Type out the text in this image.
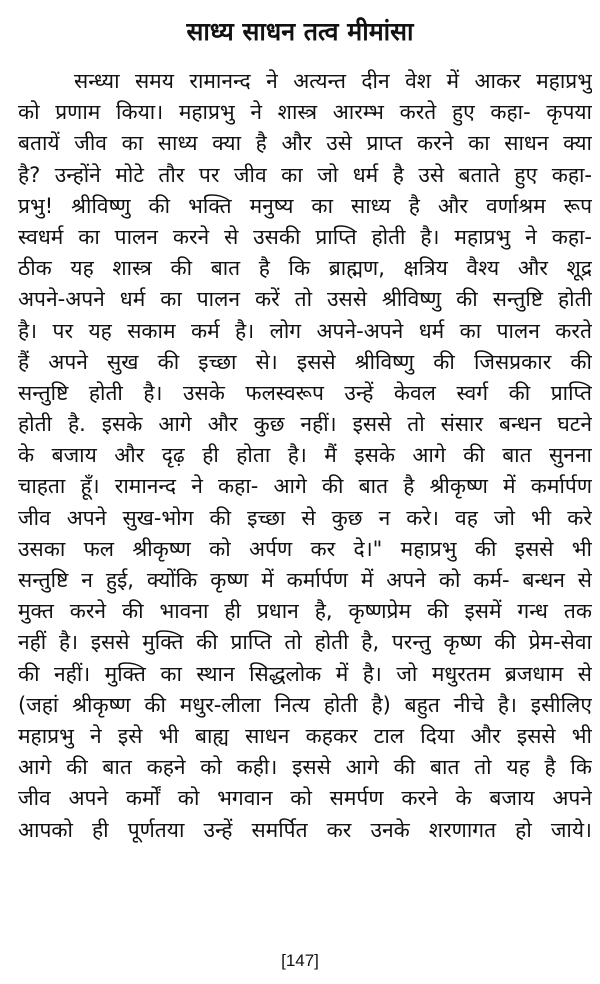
साध्य साधन तत्व मीमांसा
सन्ध्या समय रामानन्द ने अत्यन्त दीन वेश में आकर महाप्रभु
को प्रणाम किया। महाप्रभु ने शास्त्र आरम्भ करते हुए कहा- कृपया
बतायें जीव का साध्य क्या है और उसे प्राप्त करने का साधन क्या
है? उन्होंने मोटे तौर पर जीव का जो धर्म है उसे बताते हुए कहा-
प्रभु! श्रीविष्णु की भक्ति मनुष्य का साध्य है और वर्णाश्रम रूप
स्वधर्म का पालन करने से उसकी प्राप्ति होती है। महाप्रभु ने कहा-
ठीक यह शास्त्र की बात है कि ब्राह्मण, क्षत्रिय वैश्य और शूद्र
अपने-अपने धर्म का पालन करें तो उससे श्रीविष्णु की सन्तुष्टि होती
है। पर यह सकाम कर्म है। लोग अपने-अपने धर्म का पालन करते
हैं अपने सुख की इच्छा से। इससे श्रीविष्णु की जिसप्रकार की
सन्तुष्टि होती है। उसके फलस्वरूप उन्हें केवल स्वर्ग की प्राप्ति
होती है. इसके आगे और कुछ नहीं। इससे तो संसार बन्धन घटने
के बजाय और दृढ़ ही होता है। मैं इसके आगे की बात सुनना
चाहता हूँ। रामानन्द ने कहा- आगे की बात है श्रीकृष्ण में कर्मार्पण
जीव अपने सुख-भोग की इच्छा से कुछ न करे। वह जो भी करे
उसका फल श्रीकृष्ण को अर्पण कर दे।" महाप्रभु की इससे भी
सन्तुष्टि न हुई, क्योंकि कृष्ण में कर्मार्पण में अपने को कर्म- बन्धन से
मुक्त करने की भावना ही प्रधान है, कृष्णप्रेम की इसमें गन्ध तक
नहीं है। इससे मुक्ति की प्राप्ति तो होती है, परन्तु कृष्ण की प्रेम-सेवा
की नहीं। मुक्ति का स्थान सिद्धलोक में है। जो मधुरतम ब्रजधाम से
(जहां श्रीकृष्ण की मधुर-लीला नित्य होती है) बहुत नीचे है। इसीलिए
महाप्रभु ने इसे भी बाह्य साधन कहकर टाल दिया और इससे भी
आगे की बात कहने को कही। इससे आगे की बात तो यह है कि
जीव अपने कर्मों को भगवान को समर्पण करने के बजाय अपने
आपको ही पूर्णतया उन्हें समर्पित कर उनके शरणागत हो जाये।
[147]
